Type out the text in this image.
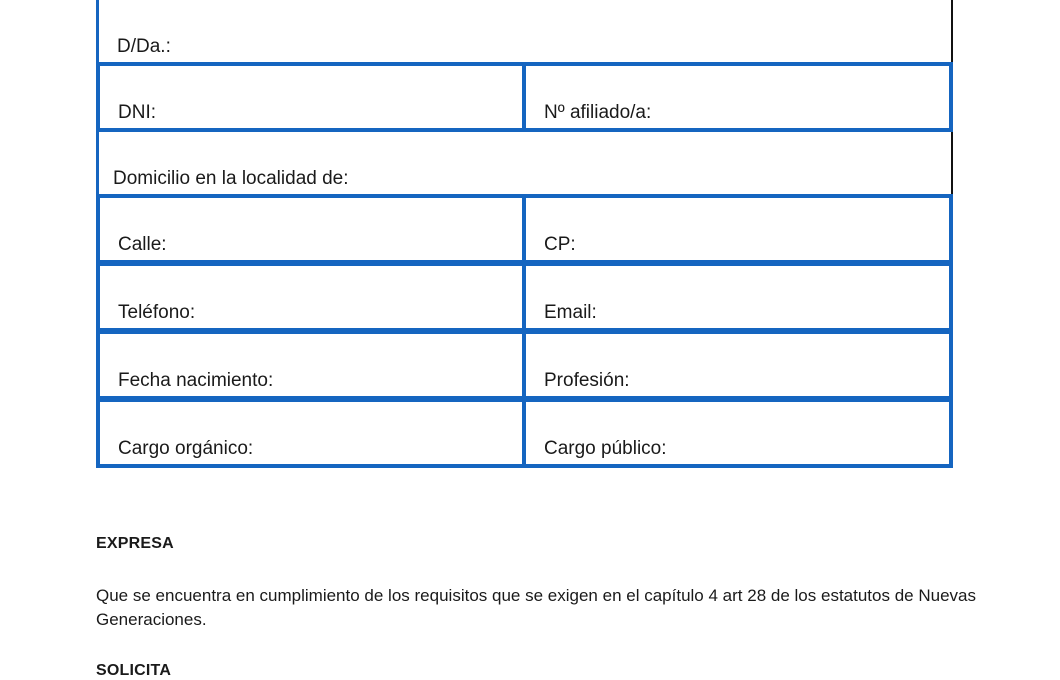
D/Da.:
DNI:	Nº afiliado/a:
Domicilio en la localidad de:
Calle:	CP:
Teléfono:	Email:
Fecha nacimiento:	Profesión:
Cargo orgánico:	Cargo público:
EXPRESA
Que se encuentra en cumplimiento de los requisitos que se exigen en el capítulo 4 art 28 de los estatutos de Nuevas Generaciones.
SOLICITA
